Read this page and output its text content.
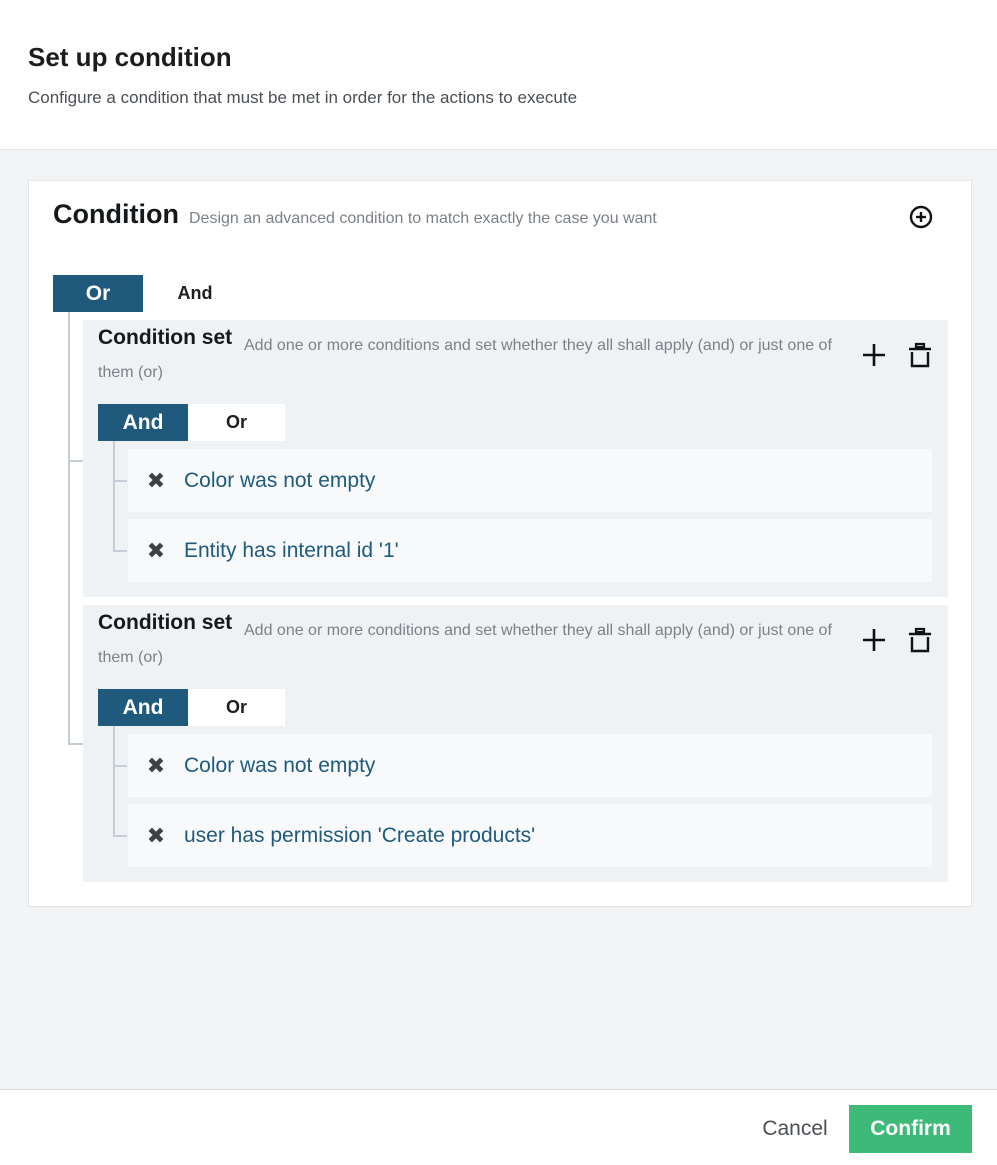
Set up condition

Configure a condition that must be met in order for the actions to execute

Condition Design an advanced condition to match exactly the case you want
Or	And
Condition set Add one or more conditions and set whether they all shall apply (and) or just one of them (or)
And	Or
✖ Color was not empty
✖ Entity has internal id '1'
Condition set Add one or more conditions and set whether they all shall apply (and) or just one of them (or)
And	Or
✖ Color was not empty
✖ user has permission 'Create products'
Cancel	Confirm
